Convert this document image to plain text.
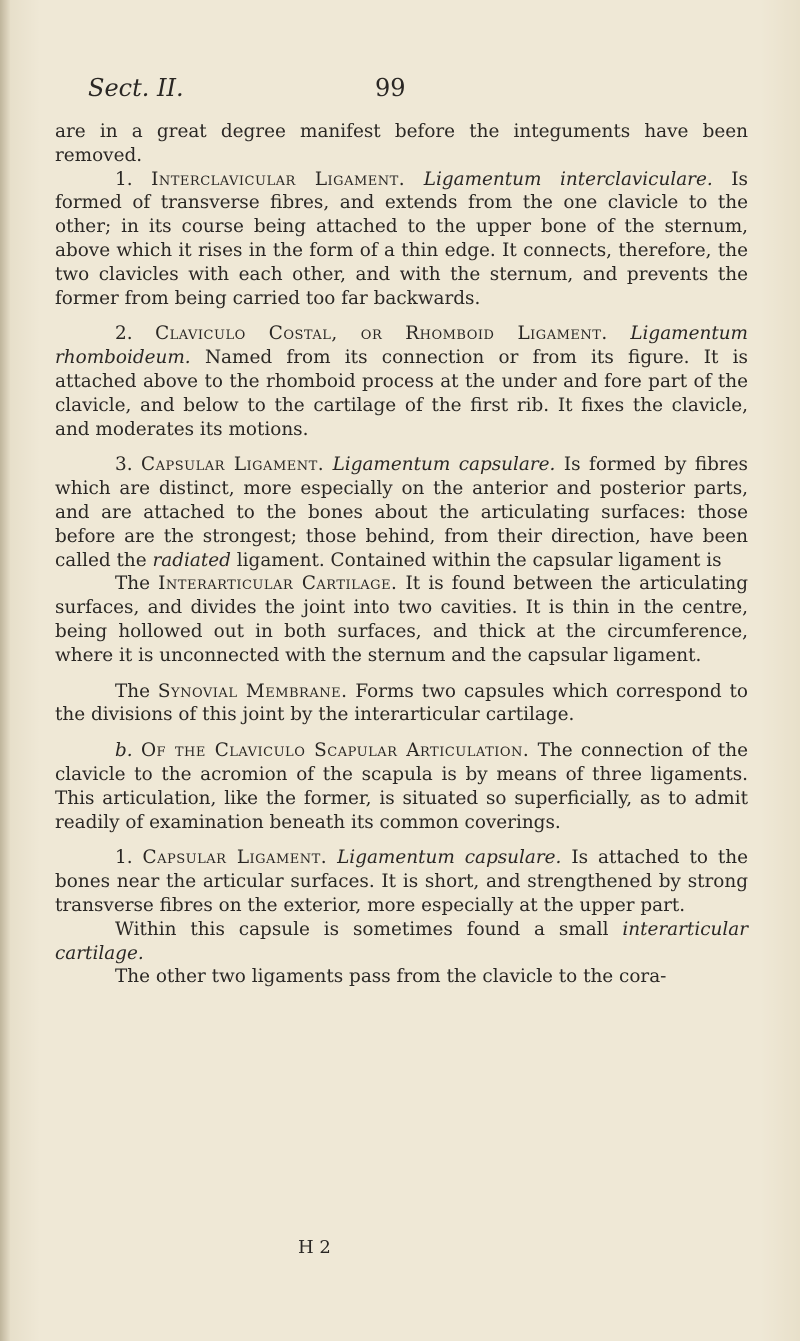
Sect. II.	99

are in a great degree manifest before the integuments have been removed.

1. Interclavicular Ligament. Ligamentum interclaviculare. Is formed of transverse fibres, and extends from the one clavicle to the other; in its course being attached to the upper bone of the sternum, above which it rises in the form of a thin edge. It connects, therefore, the two clavicles with each other, and with the sternum, and prevents the former from being carried too far backwards.

2. Claviculo Costal, or Rhomboid Ligament. Ligamentum rhomboideum. Named from its connection or from its figure. It is attached above to the rhomboid process at the under and fore part of the clavicle, and below to the cartilage of the first rib. It fixes the clavicle, and moderates its motions.

3. Capsular Ligament. Ligamentum capsulare. Is formed by fibres which are distinct, more especially on the anterior and posterior parts, and are attached to the bones about the articulating surfaces: those before are the strongest; those behind, from their direction, have been called the radiated ligament. Contained within the capsular ligament is

The Interarticular Cartilage. It is found between the articulating surfaces, and divides the joint into two cavities. It is thin in the centre, being hollowed out in both surfaces, and thick at the circumference, where it is unconnected with the sternum and the capsular ligament.

The Synovial Membrane. Forms two capsules which correspond to the divisions of this joint by the interarticular cartilage.

b. Of the Claviculo Scapular Articulation. The connection of the clavicle to the acromion of the scapula is by means of three ligaments. This articulation, like the former, is situated so superficially, as to admit readily of examination beneath its common coverings.

1. Capsular Ligament. Ligamentum capsulare. Is attached to the bones near the articular surfaces. It is short, and strengthened by strong transverse fibres on the exterior, more especially at the upper part.

Within this capsule is sometimes found a small interarticular cartilage.

The other two ligaments pass from the clavicle to the cora-

H 2
